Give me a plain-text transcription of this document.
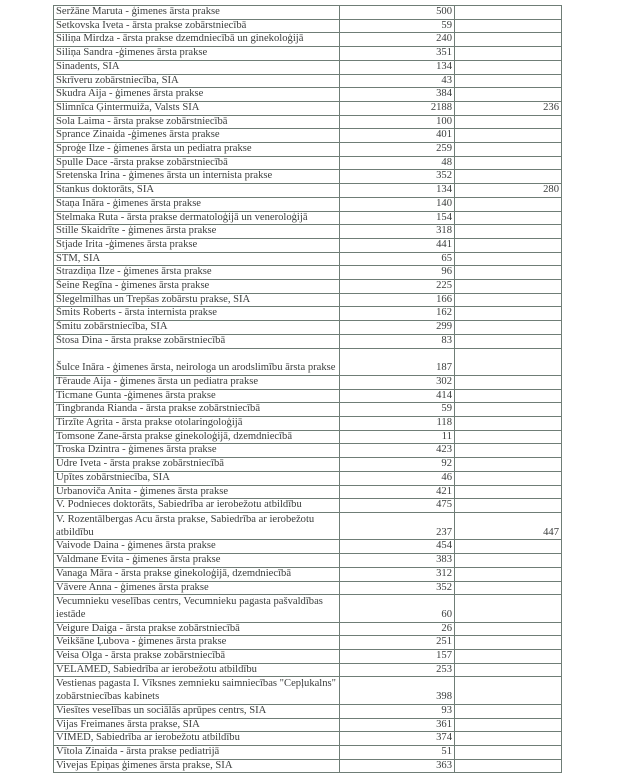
Seržāne Maruta - ģimenes ārsta prakse	500	
Setkovska Iveta - ārsta prakse zobārstniecībā	59	
Siliņa Mirdza - ārsta prakse dzemdniecībā un ginekoloģijā	240	
Siliņa Sandra -ģimenes ārsta prakse	351	
Sinadents, SIA	134	
Skrīveru zobārstniecība, SIA	43	
Skudra Aija - ģimenes ārsta prakse	384	
Slimnīca Ģintermuiža, Valsts SIA	2188	236
Sola Laima - ārsta prakse zobārstniecībā	100	
Sprance Zinaida -ģimenes ārsta prakse	401	
Sproģe Ilze - ģimenes ārsta un pediatra prakse	259	
Spulle Dace -ārsta prakse zobārstniecībā	48	
Sretenska Irina - ģimenes ārsta un internista prakse	352	
Stankus doktorāts, SIA	134	280
Staņa Ināra - ģimenes ārsta prakse	140	
Stelmaka Ruta - ārsta prakse dermatoloģijā un veneroloģijā	154	
Stille Skaidrīte - ģimenes ārsta prakse	318	
Stjade Irita -ģimenes ārsta prakse	441	
STM, SIA	65	
Strazdiņa Ilze - ģimenes ārsta prakse	96	
Šeine Regīna - ģimenes ārsta prakse	225	
Šlegelmilhas un Trepšas zobārstu prakse, SIA	166	
Šmits Roberts - ārsta internista prakse	162	
Šmitu zobārstniecība, SIA	299	
Štosa Dina - ārsta prakse zobārstniecībā	83	
Šulce Ināra - ģimenes ārsta, neirologa un arodslimību ārsta prakse	187	
Tēraude Aija - ģimenes ārsta un pediatra prakse	302	
Ticmane Gunta -ģimenes ārsta prakse	414	
Tingbranda Rianda - ārsta prakse zobārstniecībā	59	
Tirzīte Agrita - ārsta prakse otolaringoloģijā	118	
Tomsone Zane-ārsta prakse ginekoloģijā, dzemdniecībā	11	
Troska Dzintra - ģimenes ārsta prakse	423	
Ūdre Iveta - ārsta prakse zobārstniecībā	92	
Upītes zobārstniecība, SIA	46	
Urbanoviča Anita - ģimenes ārsta prakse	421	
V. Podnieces doktorāts, Sabiedrība ar ierobežotu atbildību	475	
V. Rozentālbergas Acu ārsta prakse, Sabiedrība ar ierobežotu atbildību	237	447
Vaivode Daina - ģimenes ārsta prakse	454	
Valdmane Evita - ģimenes ārsta prakse	383	
Vanaga Māra - ārsta prakse ginekoloģijā, dzemdniecībā	312	
Vāvere Anna - ģimenes ārsta prakse	352	
Vecumnieku veselības centrs, Vecumnieku pagasta pašvaldības iestāde	60	
Veigure Daiga - ārsta prakse zobārstniecībā	26	
Veikšāne Ļubova - ģimenes ārsta prakse	251	
Veisa Olga - ārsta prakse zobārstniecībā	157	
VELAMED, Sabiedrība ar ierobežotu atbildību	253	
Vestienas pagasta I. Vīksnes zemnieku saimniecības "Cepļukalns" zobārstniecības kabinets	398	
Viesītes veselības un sociālās aprūpes centrs, SIA	93	
Vijas Freimanes ārsta prakse, SIA	361	
VIMED, Sabiedrība ar ierobežotu atbildību	374	
Vītola Zinaida - ārsta prakse pediatrijā	51	
Vivejas Epiņas ģimenes ārsta prakse, SIA	363	
